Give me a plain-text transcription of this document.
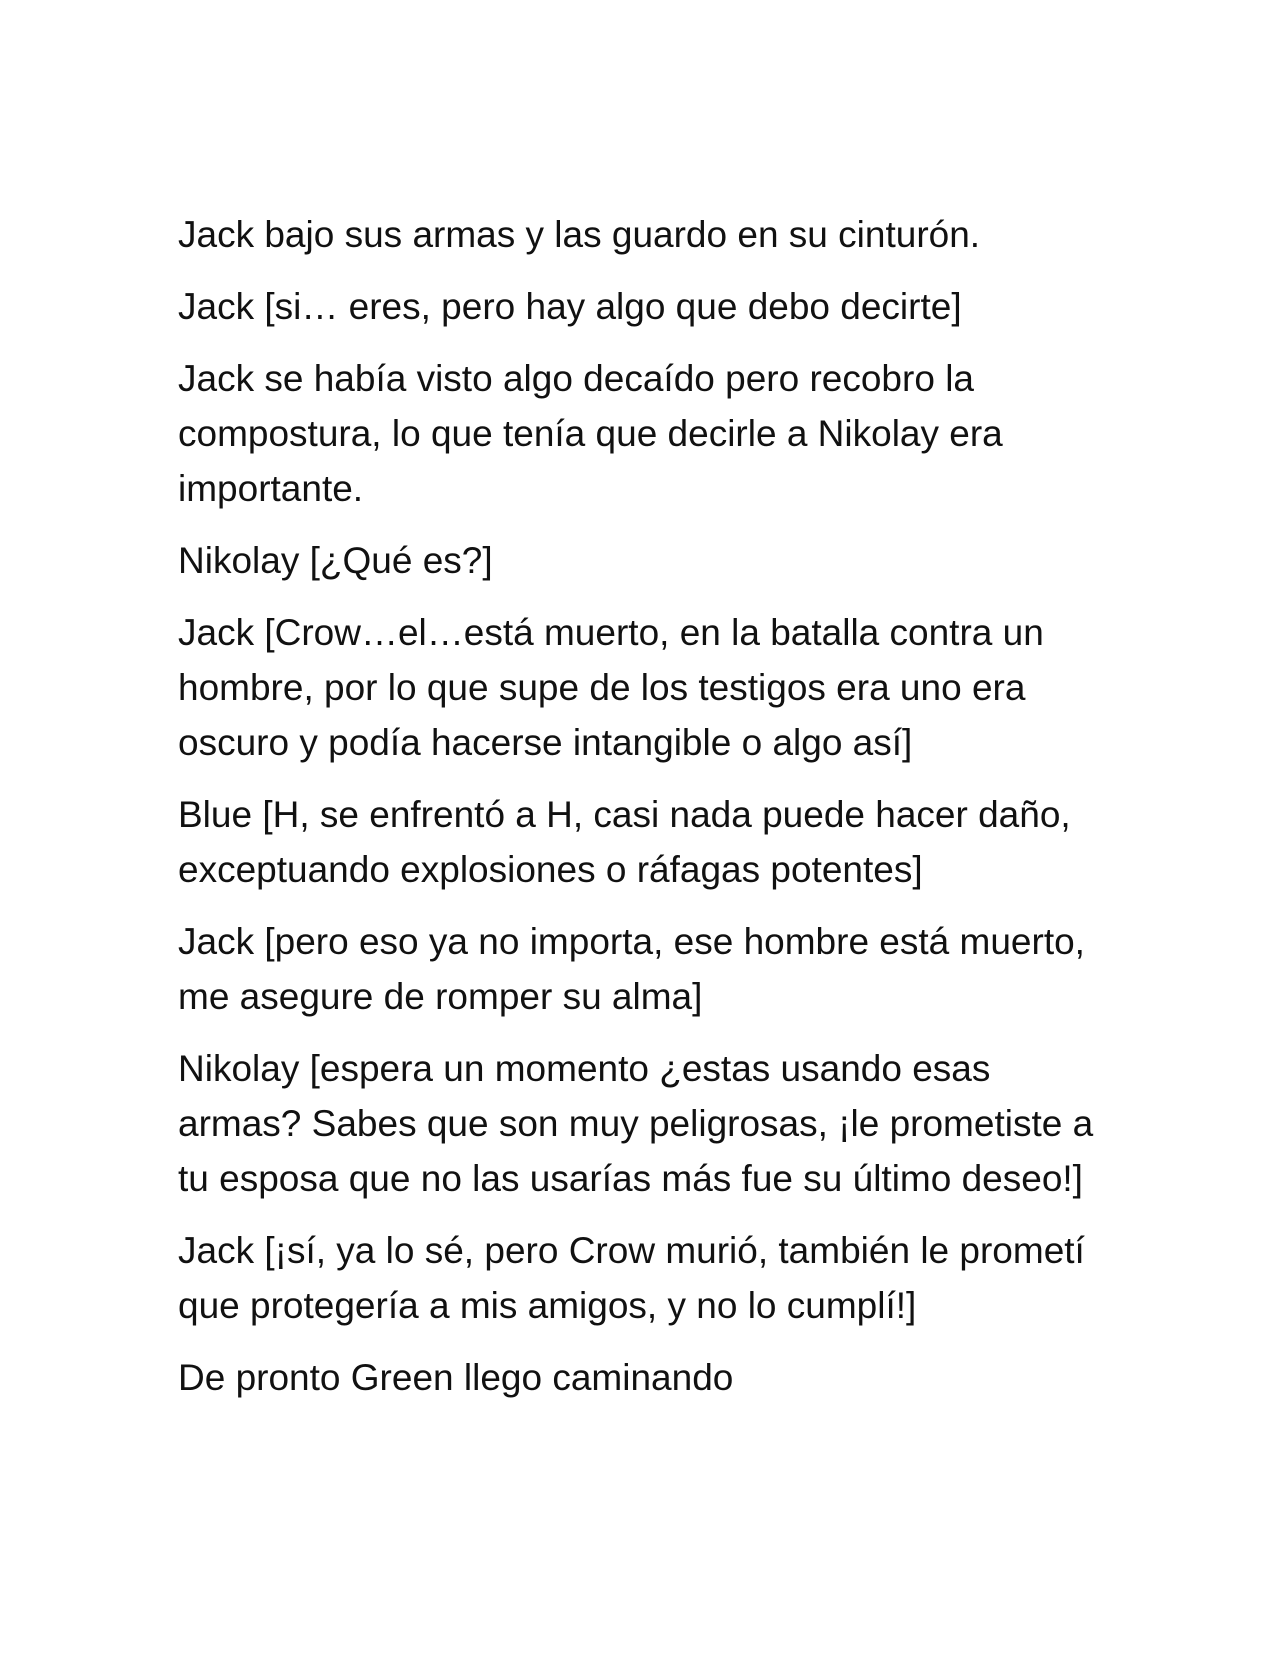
Jack bajo sus armas y las guardo en su cinturón.

Jack [si… eres, pero hay algo que debo decirte]

Jack se había visto algo decaído pero recobro la compostura, lo que tenía que decirle a Nikolay era importante.

Nikolay [¿Qué es?]

Jack [Crow…el…está muerto, en la batalla contra un hombre, por lo que supe de los testigos era uno era oscuro y podía hacerse intangible o algo así]

Blue [H, se enfrentó a H, casi nada puede hacer daño, exceptuando explosiones o ráfagas potentes]

Jack [pero eso ya no importa, ese hombre está muerto, me asegure de romper su alma]

Nikolay [espera un momento ¿estas usando esas armas? Sabes que son muy peligrosas, ¡le prometiste a tu esposa que no las usarías más fue su último deseo!]

Jack [¡sí, ya lo sé, pero Crow murió, también le prometí que protegería a mis amigos, y no lo cumplí!]

De pronto Green llego caminando
